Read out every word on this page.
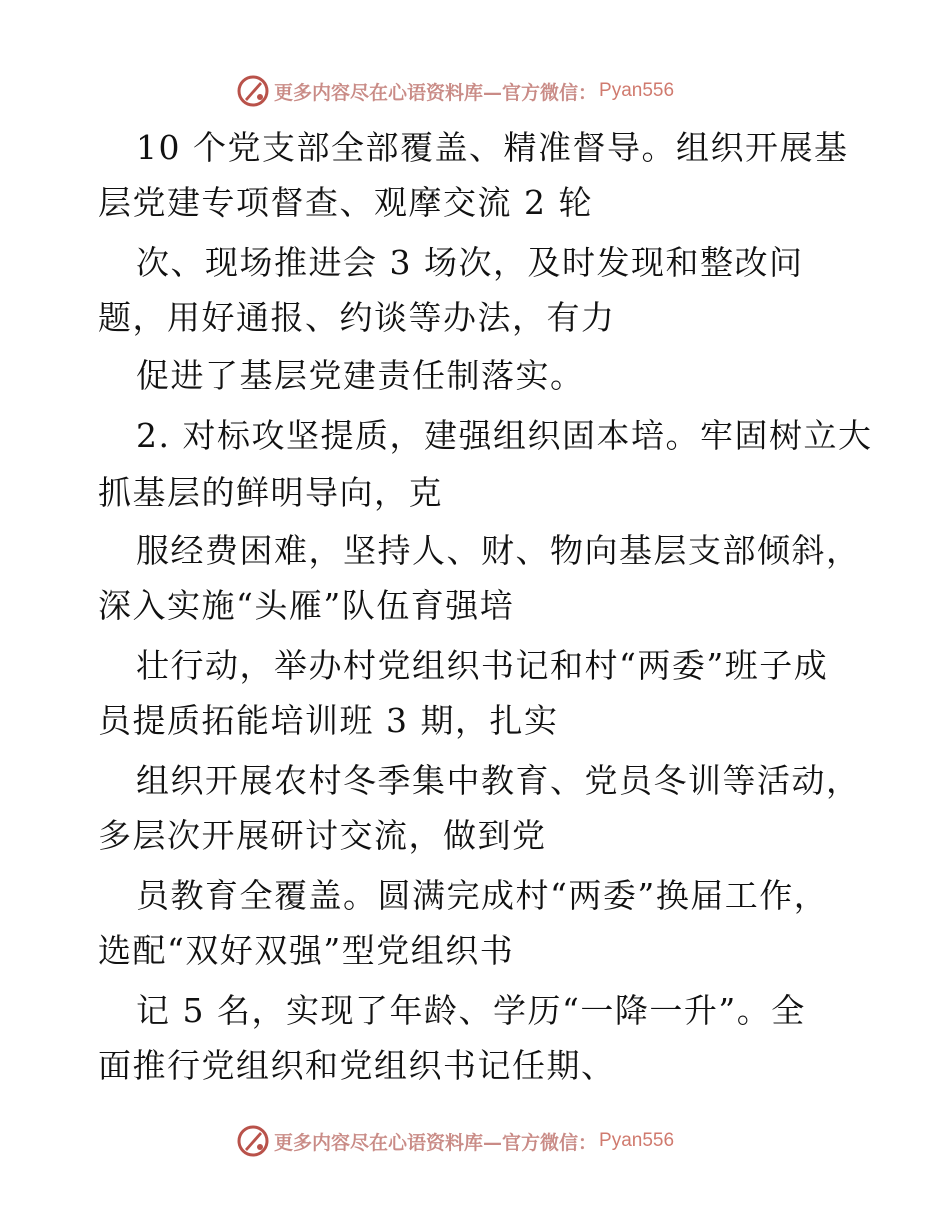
更多内容尽在心语资料库—官方微信： Pyan556
10 个党支部全部覆盖、精准督导。组织开展基
层党建专项督查、观摩交流 2 轮
次、现场推进会 3 场次，及时发现和整改问
题，用好通报、约谈等办法，有力
促进了基层党建责任制落实。
2. 对标攻坚提质，建强组织固本培。牢固树立大
抓基层的鲜明导向，克
服经费困难，坚持人、财、物向基层支部倾斜，
深入实施“头雁”队伍育强培
壮行动，举办村党组织书记和村“两委”班子成
员提质拓能培训班 3 期，扎实
组织开展农村冬季集中教育、党员冬训等活动，
多层次开展研讨交流，做到党
员教育全覆盖。圆满完成村“两委”换届工作，
选配“双好双强”型党组织书
记 5 名，实现了年龄、学历“一降一升”。全
面推行党组织和党组织书记任期、
更多内容尽在心语资料库—官方微信： Pyan556
